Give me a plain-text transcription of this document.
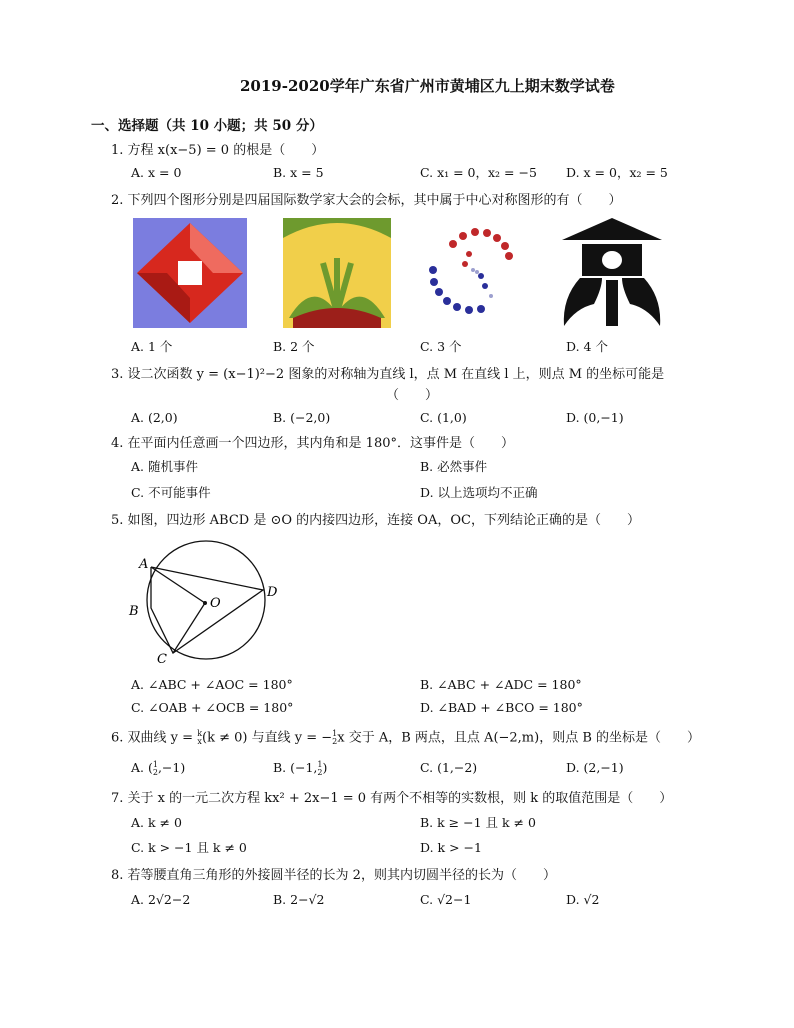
2019-2020学年广东省广州市黄埔区九上期末数学试卷
一、选择题（共 10 小题；共 50 分）
1. 方程 x(x−5) = 0 的根是（　　）
A. x = 0	B. x = 5	C. x₁ = 0，x₂ = −5 D. x = 0，x₂ = 5
2. 下列四个图形分别是四届国际数学家大会的会标，其中属于中心对称图形的有（　　）
A. 1 个	B. 2 个	C. 3 个	D. 4 个
3. 设二次函数 y = (x−1)²−2 图象的对称轴为直线 l，点 M 在直线 l 上，则点 M 的坐标可能是
（　　）
A. (2,0)	B. (−2,0)	C. (1,0)	D. (0,−1)
4. 在平面内任意画一个四边形，其内角和是 180°．这事件是（　　）
A. 随机事件	B. 必然事件
C. 不可能事件	D. 以上选项均不正确
5. 如图，四边形 ABCD 是 ⊙O 的内接四边形，连接 OA，OC，下列结论正确的是（　　）
A
B
C
D
O
A. ∠ABC + ∠AOC = 180°	B. ∠ABC + ∠ADC = 180°
C. ∠OAB + ∠OCB = 180°	D. ∠BAD + ∠BCO = 180°
6. 双曲线 y = k
x(k ≠ 0) 与直线 y = −1
2x 交于 A，B 两点，且点 A(−2,m)，则点 B 的坐标是（　　）
A. (1
2,−1)	B. (−1,1
2)	C. (1,−2)	D. (2,−1)
7. 关于 x 的一元二次方程 kx² + 2x−1 = 0 有两个不相等的实数根，则 k 的取值范围是（　　）
A. k ≠ 0	B. k ≥ −1 且 k ≠ 0
C. k > −1 且 k ≠ 0	D. k > −1
8. 若等腰直角三角形的外接圆半径的长为 2，则其内切圆半径的长为（　　）
A. 2√2−2	B. 2−√2	C. √2−1	D. √2
